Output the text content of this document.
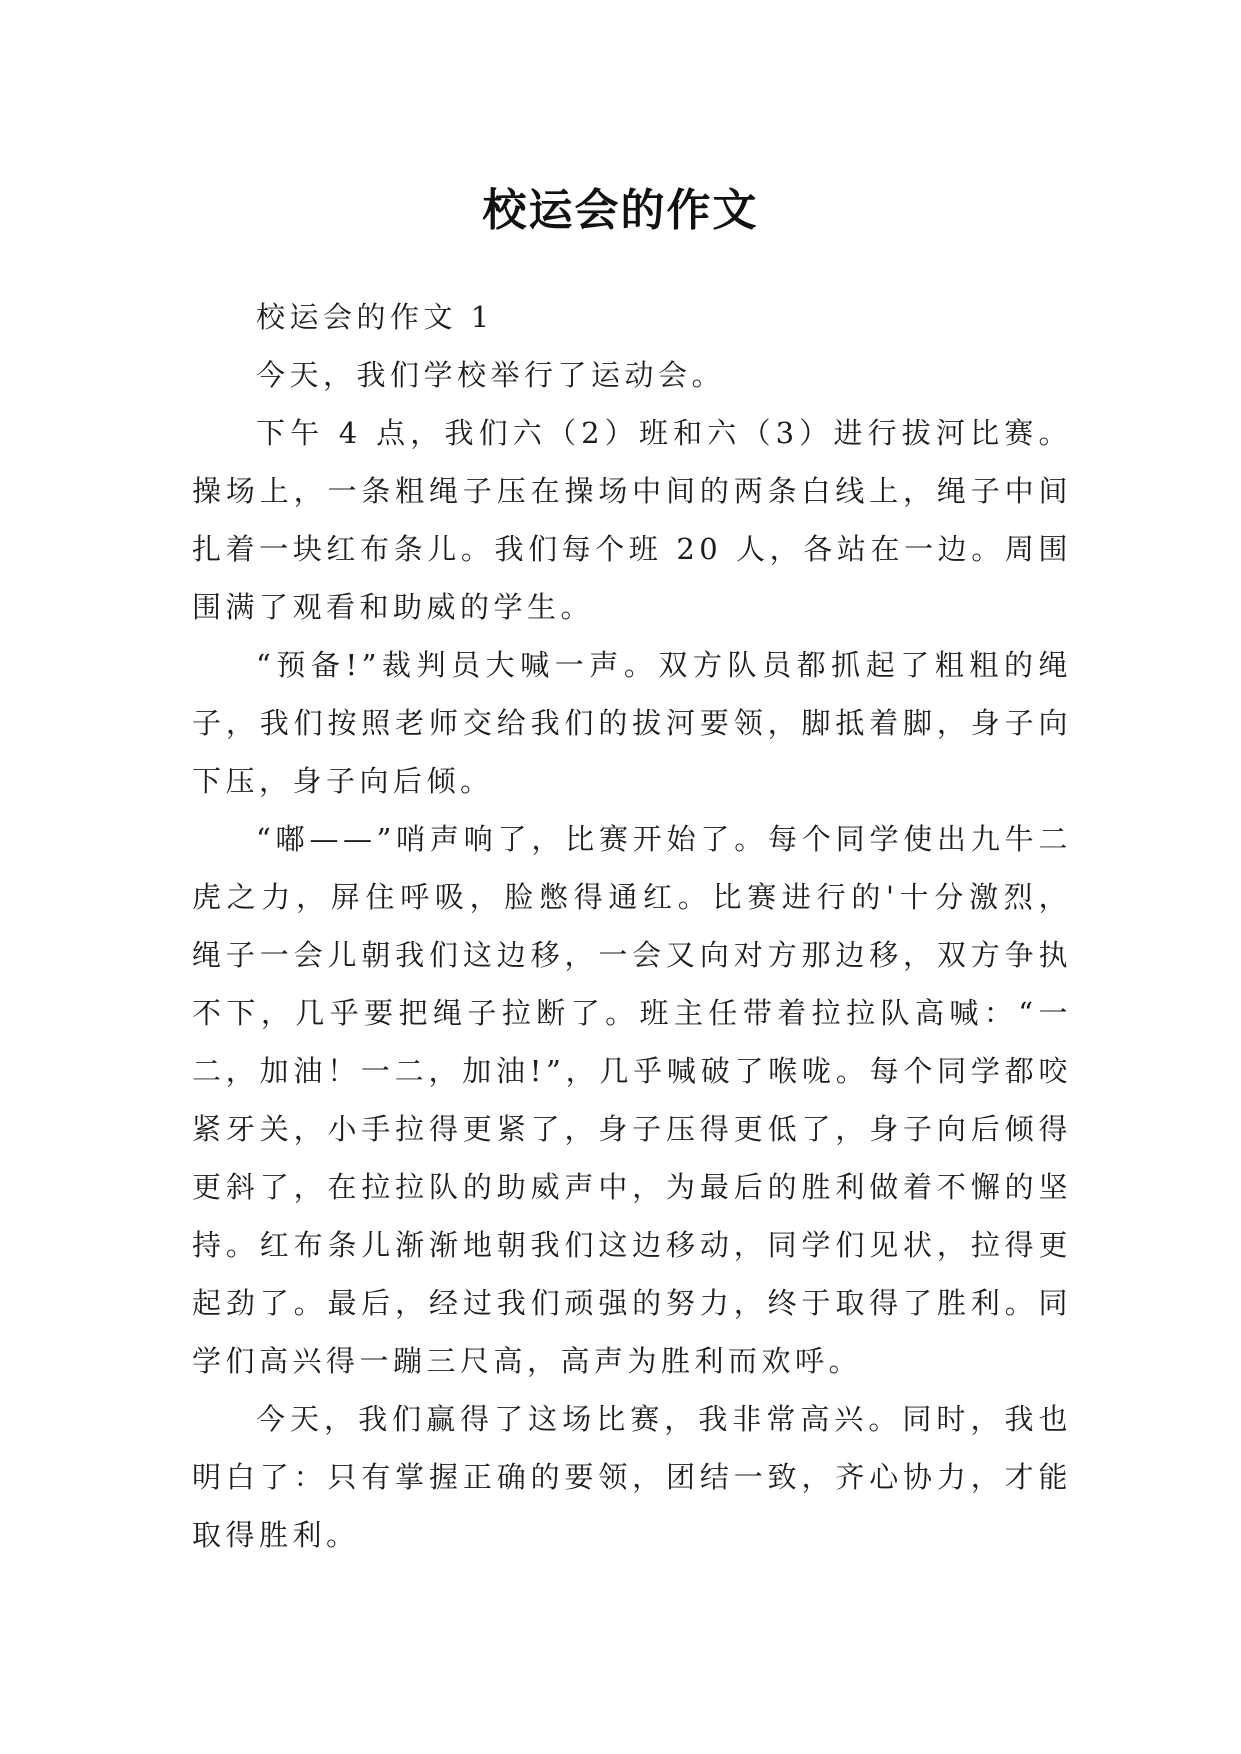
校运会的作文

校运会的作文 1

今天，我们学校举行了运动会。

下午 4 点，我们六（2）班和六（3）进行拔河比赛。操场上，一条粗绳子压在操场中间的两条白线上，绳子中间扎着一块红布条儿。我们每个班 20 人，各站在一边。周围围满了观看和助威的学生。

“预备!”裁判员大喊一声。双方队员都抓起了粗粗的绳子，我们按照老师交给我们的拔河要领，脚抵着脚，身子向下压，身子向后倾。

“嘟——”哨声响了，比赛开始了。每个同学使出九牛二虎之力，屏住呼吸，脸憋得通红。比赛进行的'十分激烈，绳子一会儿朝我们这边移，一会又向对方那边移，双方争执不下，几乎要把绳子拉断了。班主任带着拉拉队高喊：“一二，加油！一二，加油!”，几乎喊破了喉咙。每个同学都咬紧牙关，小手拉得更紧了，身子压得更低了，身子向后倾得更斜了，在拉拉队的助威声中，为最后的胜利做着不懈的坚持。红布条儿渐渐地朝我们这边移动，同学们见状，拉得更起劲了。最后，经过我们顽强的努力，终于取得了胜利。同学们高兴得一蹦三尺高，高声为胜利而欢呼。

今天，我们赢得了这场比赛，我非常高兴。同时，我也明白了：只有掌握正确的要领，团结一致，齐心协力，才能取得胜利。
